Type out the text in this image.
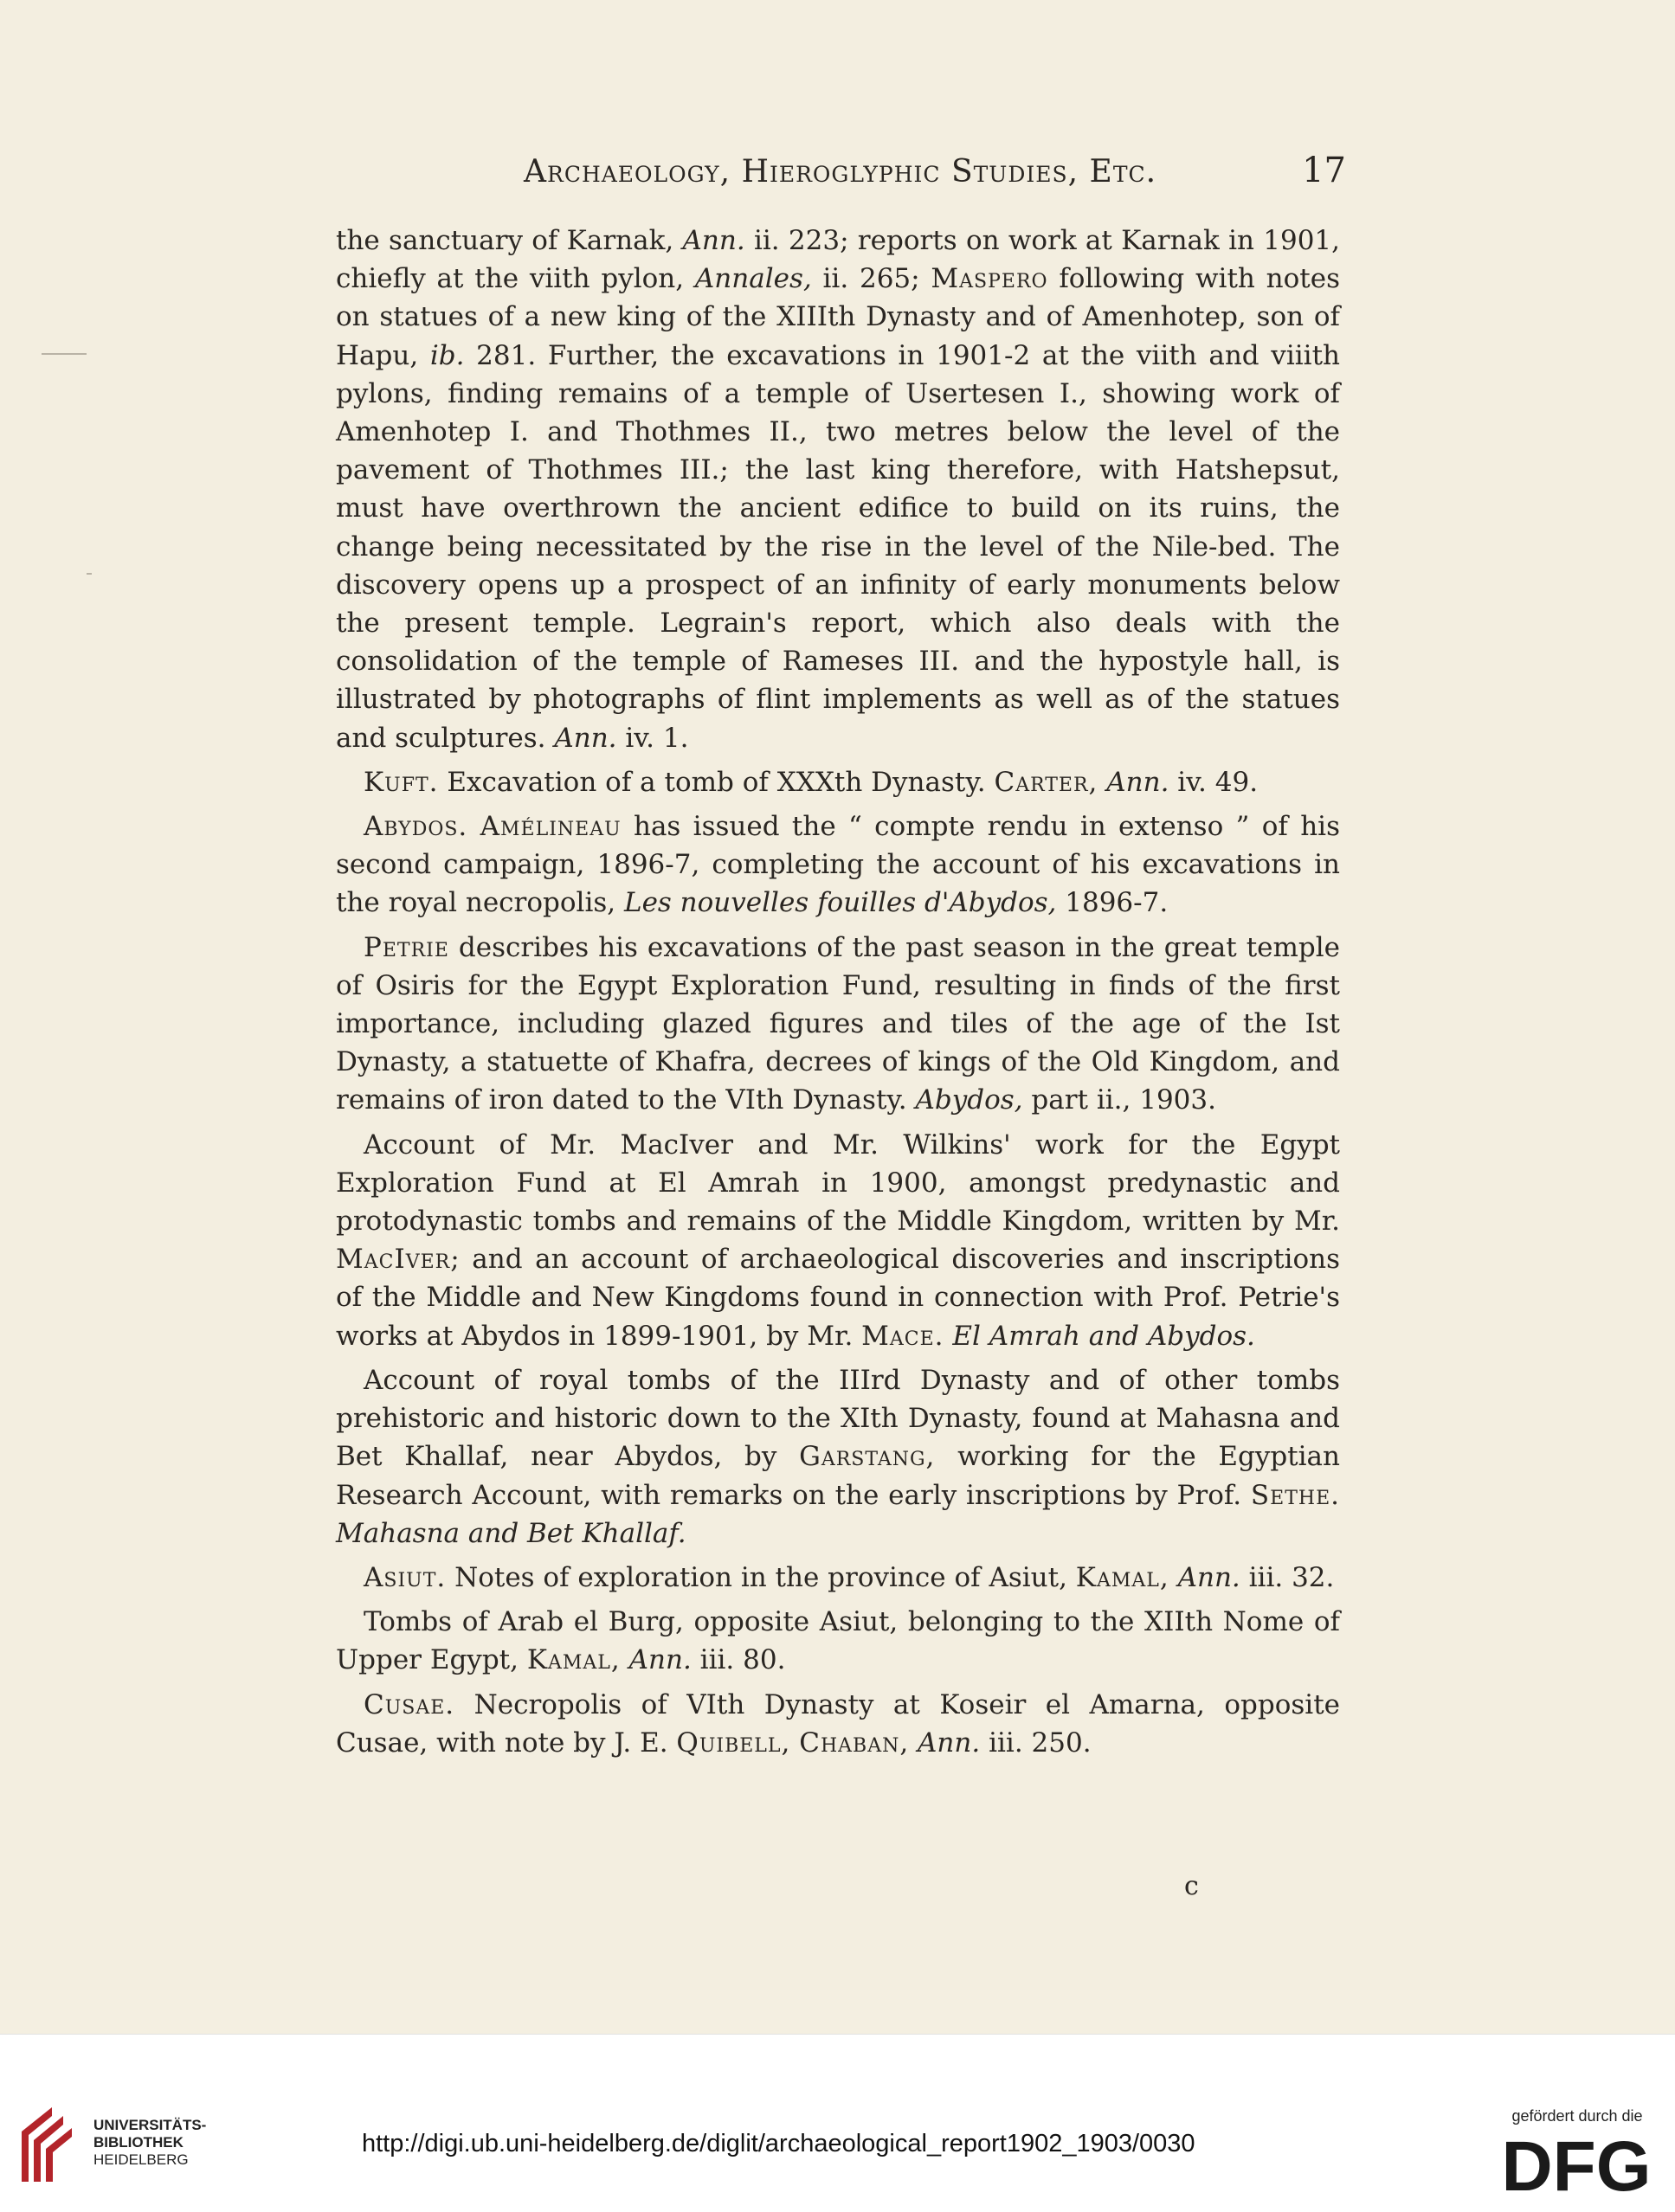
Archaeology, Hieroglyphic Studies, Etc.	17

the sanctuary of Karnak, Ann. ii. 223; reports on work at Karnak in 1901, chiefly at the viith pylon, Annales, ii. 265; Maspero following with notes on statues of a new king of the XIIIth Dynasty and of Amenhotep, son of Hapu, ib. 281. Further, the excavations in 1901-2 at the viith and viiith pylons, finding remains of a temple of Usertesen I., showing work of Amenhotep I. and Thothmes II., two metres below the level of the pavement of Thothmes III.; the last king therefore, with Hatshepsut, must have overthrown the ancient edifice to build on its ruins, the change being necessitated by the rise in the level of the Nile-bed. The discovery opens up a prospect of an infinity of early monuments below the present temple. Legrain's report, which also deals with the consolidation of the temple of Rameses III. and the hypostyle hall, is illustrated by photographs of flint implements as well as of the statues and sculptures. Ann. iv. 1.

Kuft. Excavation of a tomb of XXXth Dynasty. Carter, Ann. iv. 49.

Abydos. Amélineau has issued the “ compte rendu in extenso ” of his second campaign, 1896-7, completing the account of his excavations in the royal necropolis, Les nouvelles fouilles d'Abydos, 1896-7.

Petrie describes his excavations of the past season in the great temple of Osiris for the Egypt Exploration Fund, resulting in finds of the first importance, including glazed figures and tiles of the age of the Ist Dynasty, a statuette of Khafra, decrees of kings of the Old Kingdom, and remains of iron dated to the VIth Dynasty. Abydos, part ii., 1903.

Account of Mr. MacIver and Mr. Wilkins' work for the Egypt Exploration Fund at El Amrah in 1900, amongst predynastic and protodynastic tombs and remains of the Middle Kingdom, written by Mr. MacIver; and an account of archaeological discoveries and inscriptions of the Middle and New Kingdoms found in connection with Prof. Petrie's works at Abydos in 1899-1901, by Mr. Mace. El Amrah and Abydos.

Account of royal tombs of the IIIrd Dynasty and of other tombs prehistoric and historic down to the XIth Dynasty, found at Mahasna and Bet Khallaf, near Abydos, by Garstang, working for the Egyptian Research Account, with remarks on the early inscriptions by Prof. Sethe. Mahasna and Bet Khallaf.

Asiut. Notes of exploration in the province of Asiut, Kamal, Ann. iii. 32.

Tombs of Arab el Burg, opposite Asiut, belonging to the XIIth Nome of Upper Egypt, Kamal, Ann. iii. 80.

Cusae. Necropolis of VIth Dynasty at Koseir el Amarna, opposite Cusae, with note by J. E. Quibell, Chaban, Ann. iii. 250.

c
UNIVERSITÄTS-
BIBLIOTHEK
HEIDELBERG
http://digi.ub.uni-heidelberg.de/diglit/archaeological_report1902_1903/0030
gefördert durch die
DFG
